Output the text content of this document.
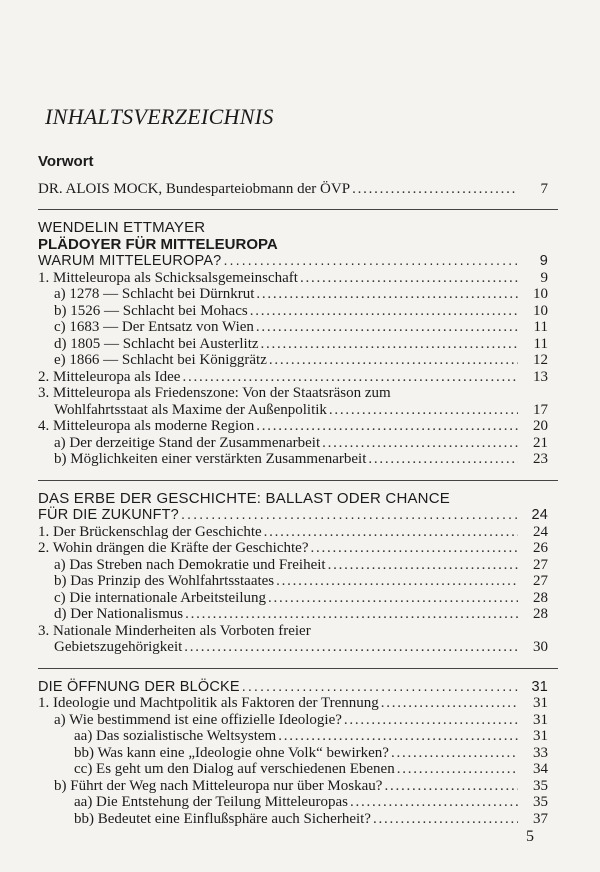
INHALTSVERZEICHNIS
Vorwort
DR. ALOIS MOCK, Bundesparteiobmann der ÖVP . . .	7
WENDELIN ETTMAYER
PLÄDOYER FÜR MITTELEUROPA
WARUM MITTELEUROPA? . . .	9
1. Mitteleuropa als Schicksalsgemeinschaft . . .	9
a) 1278 — Schlacht bei Dürnkrut . . .	10
b) 1526 — Schlacht bei Mohacs . . .	10
c) 1683 — Der Entsatz von Wien . . .	11
d) 1805 — Schlacht bei Austerlitz . . .	11
e) 1866 — Schlacht bei Königgrätz . . .	12
2. Mitteleuropa als Idee . . .	13
3. Mitteleuropa als Friedenszone: Von der Staatsräson zum
Wohlfahrtsstaat als Maxime der Außenpolitik . . .	17
4. Mitteleuropa als moderne Region . . .	20
a) Der derzeitige Stand der Zusammenarbeit . . .	21
b) Möglichkeiten einer verstärkten Zusammenarbeit . . .	23
DAS ERBE DER GESCHICHTE: BALLAST ODER CHANCE
FÜR DIE ZUKUNFT? . . .	24
1. Der Brückenschlag der Geschichte . . .	24
2. Wohin drängen die Kräfte der Geschichte? . . .	26
a) Das Streben nach Demokratie und Freiheit . . .	27
b) Das Prinzip des Wohlfahrtsstaates . . .	27
c) Die internationale Arbeitsteilung . . .	28
d) Der Nationalismus . . .	28
3. Nationale Minderheiten als Vorboten freier
Gebietszugehörigkeit . . .	30
DIE ÖFFNUNG DER BLÖCKE . . .	31
1. Ideologie und Machtpolitik als Faktoren der Trennung . . .	31
a) Wie bestimmend ist eine offizielle Ideologie? . . .	31
aa) Das sozialistische Weltsystem . . .	31
bb) Was kann eine „Ideologie ohne Volk“ bewirken? . . .	33
cc) Es geht um den Dialog auf verschiedenen Ebenen . . .	34
b) Führt der Weg nach Mitteleuropa nur über Moskau? . . .	35
aa) Die Entstehung der Teilung Mitteleuropas . . .	35
bb) Bedeutet eine Einflußsphäre auch Sicherheit? . . .	37
5
